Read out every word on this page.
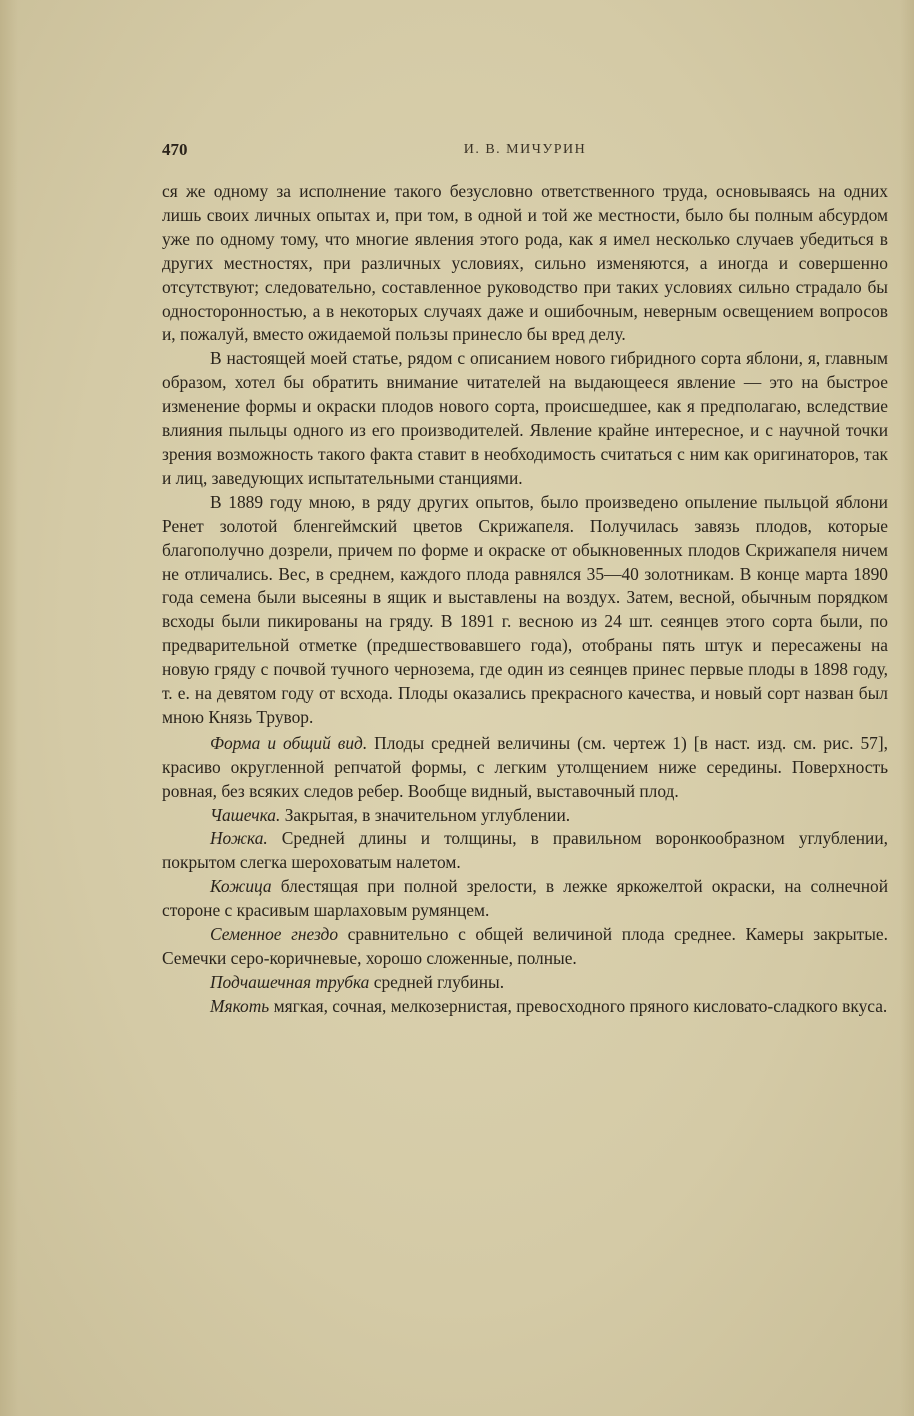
470	И. В. МИЧУРИН

ся же одному за исполнение такого безусловно ответственного труда, основываясь на одних лишь своих личных опытах и, при том, в одной и той же местности, было бы полным абсурдом уже по одному тому, что многие явления этого рода, как я имел несколько случаев убедиться в других местностях, при различных условиях, сильно изменяются, а иногда и совершенно отсутствуют; следовательно, составленное руководство при таких условиях сильно страдало бы односторонностью, а в некоторых случаях даже и ошибочным, неверным освещением вопросов и, пожалуй, вместо ожидаемой пользы принесло бы вред делу.

В настоящей моей статье, рядом с описанием нового гибридного сорта яблони, я, главным образом, хотел бы обратить внимание читателей на выдающееся явление — это на быстрое изменение формы и окраски плодов нового сорта, происшедшее, как я предполагаю, вследствие влияния пыльцы одного из его производителей. Явление крайне интересное, и с научной точки зрения возможность такого факта ставит в необходимость считаться с ним как оригинаторов, так и лиц, заведующих испытательными станциями.

В 1889 году мною, в ряду других опытов, было произведено опыление пыльцой яблони Ренет золотой бленгеймский цветов Скрижапеля. Получилась завязь плодов, которые благополучно дозрели, причем по форме и окраске от обыкновенных плодов Скрижапеля ничем не отличались. Вес, в среднем, каждого плода равнялся 35—40 золотникам. В конце марта 1890 года семена были высеяны в ящик и выставлены на воздух. Затем, весной, обычным порядком всходы были пикированы на гряду. В 1891 г. весною из 24 шт. сеянцев этого сорта были, по предварительной отметке (предшествовавшего года), отобраны пять штук и пересажены на новую гряду с почвой тучного чернозема, где один из сеянцев принес первые плоды в 1898 году, т. е. на девятом году от всхода. Плоды оказались прекрасного качества, и новый сорт назван был мною Князь Трувор.

Форма и общий вид. Плоды средней величины (см. чертеж 1) [в наст. изд. см. рис. 57], красиво округленной репчатой формы, с легким утолщением ниже середины. Поверхность ровная, без всяких следов ребер. Вообще видный, выставочный плод.

Чашечка. Закрытая, в значительном углублении.

Ножка. Средней длины и толщины, в правильном воронкообразном углублении, покрытом слегка шероховатым налетом.

Кожица блестящая при полной зрелости, в лежке яркожелтой окраски, на солнечной стороне с красивым шарлаховым румянцем.

Семенное гнездо сравнительно с общей величиной плода среднее. Камеры закрытые. Семечки серо-коричневые, хорошо сложенные, полные.

Подчашечная трубка средней глубины.

Мякоть мягкая, сочная, мелкозернистая, превосходного пряного кисловато-сладкого вкуса.
